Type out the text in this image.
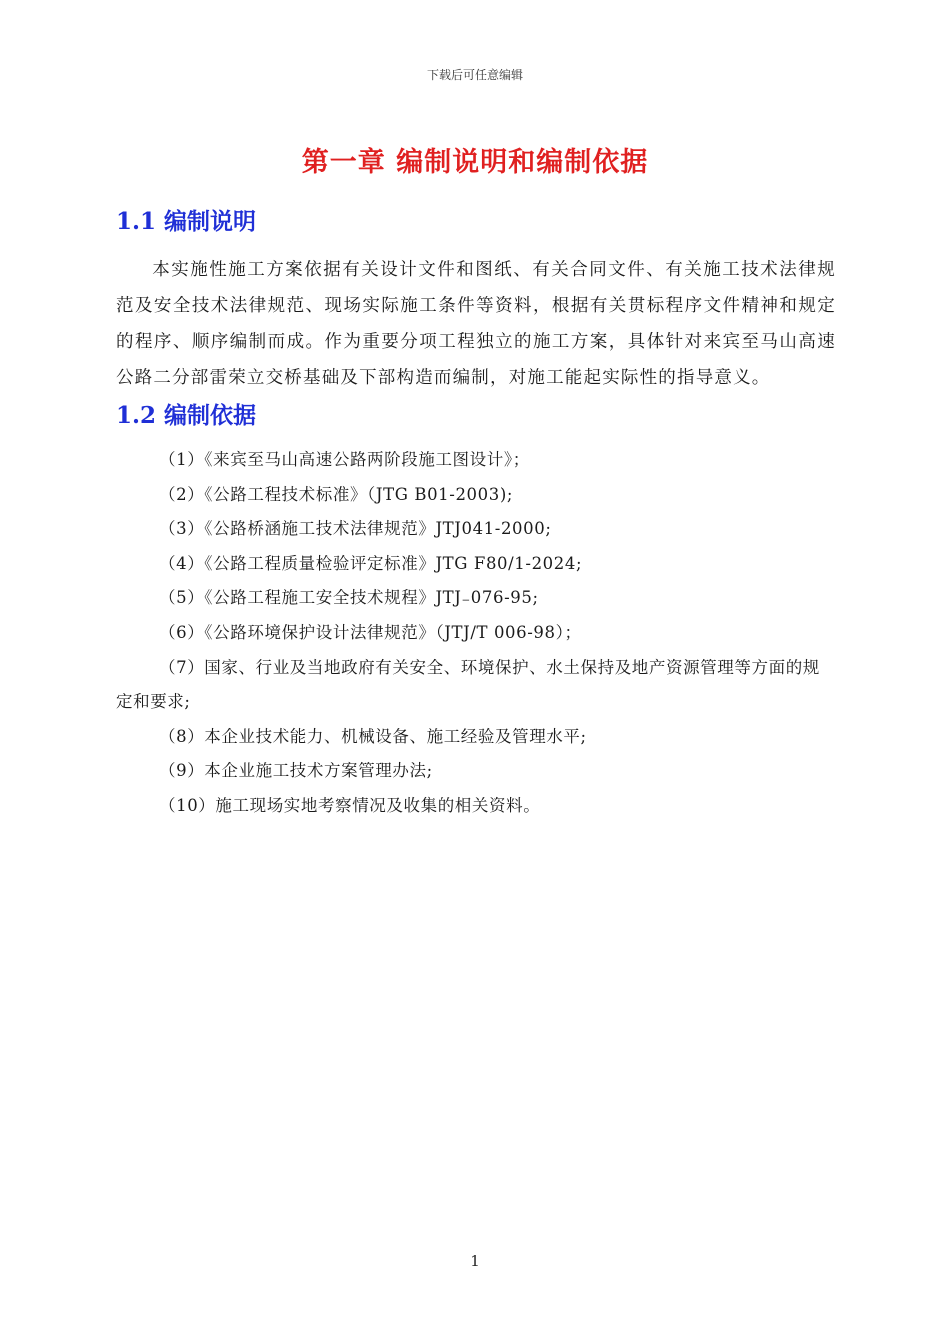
下载后可任意编辑
第一章 编制说明和编制依据
1.1 编制说明
本实施性施工方案依据有关设计文件和图纸、有关合同文件、有关施工技术法律规范及安全技术法律规范、现场实际施工条件等资料，根据有关贯标程序文件精神和规定的程序、顺序编制而成。作为重要分项工程独立的施工方案，具体针对来宾至马山高速公路二分部雷荣立交桥基础及下部构造而编制，对施工能起实际性的指导意义。
1.2 编制依据
（1）《来宾至马山高速公路两阶段施工图设计》；
（2）《公路工程技术标准》（JTG B01-2003);
（3）《公路桥涵施工技术法律规范》JTJ041-2000;
（4）《公路工程质量检验评定标准》JTG F80/1-2024;
（5）《公路工程施工安全技术规程》JTJ₋076-95;
（6）《公路环境保护设计法律规范》（JTJ/T 006-98）；
（7）国家、行业及当地政府有关安全、环境保护、水土保持及地产资源管理等方面的规定和要求;
（8）本企业技术能力、机械设备、施工经验及管理水平;
（9）本企业施工技术方案管理办法;
（10）施工现场实地考察情况及收集的相关资料。
1
